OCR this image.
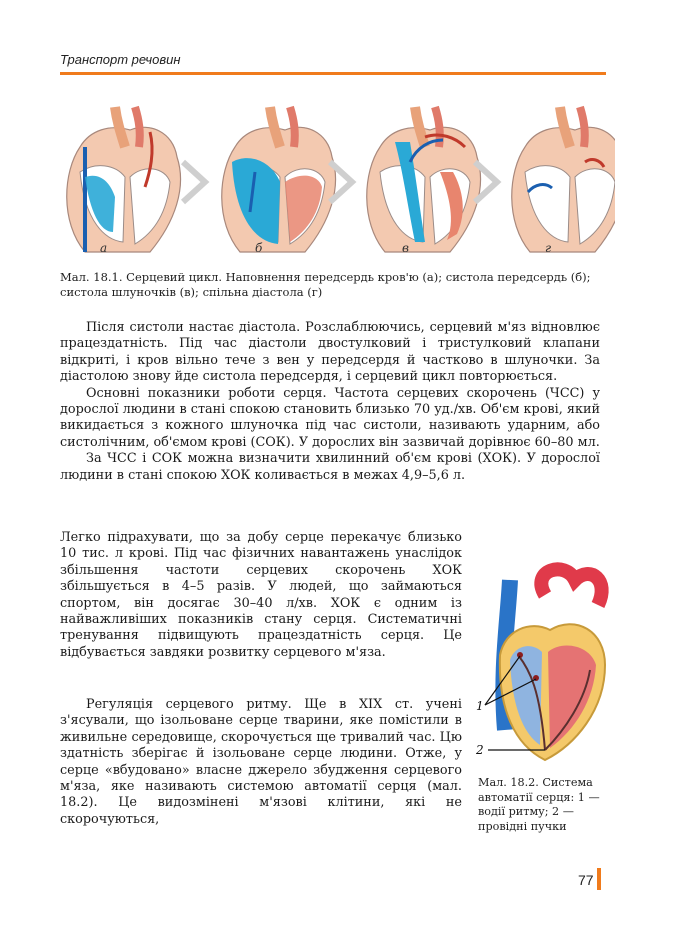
Транспорт речовин
а	б	в	г
Мал. 18.1. Серцевий цикл. Наповнення передсердь кров'ю (а); систола передсердь (б); систола шлуночків (в); спільна діастола (г)

Після систоли настає діастола. Розслаблюючись, серцевий м'яз відновлює працездатність. Під час діастоли двостулковий і тристулковий клапани відкриті, і кров вільно тече з вен у передсердя й частково в шлуночки. За діастолою знову йде систола передсердя, і серцевий цикл повторюється.

Основні показники роботи серця. Частота серцевих скорочень (ЧСС) у дорослої людини в стані спокою становить близько 70 уд./хв. Об'єм крові, який викидається з кожного шлуночка під час систоли, називають ударним, або систолічним, об'ємом крові (СОК). У дорослих він зазвичай дорівнює 60–80 мл.

За ЧСС і СОК можна визначити хвилинний об'єм крові (ХОК). У дорослої людини в стані спокою ХОК коливається в межах 4,9–5,6 л.

Легко підрахувати, що за добу серце перекачує близько 10 тис. л крові. Під час фізичних навантажень унаслідок збільшення частоти серцевих скорочень ХОК збільшується в 4–5 разів. У людей, що займаються спортом, він досягає 30–40 л/хв. ХОК є одним із найважливіших показників стану серця. Систематичні тренування підвищують працездатність серця. Це відбувається завдяки розвитку серцевого м'яза.

Регуляція серцевого ритму. Ще в XIX ст. учені з'ясували, що ізольоване серце тварини, яке помістили в живильне середовище, скорочується ще тривалий час. Цю здатність зберігає й ізольоване серце людини. Отже, у серце «вбудовано» власне джерело збудження серцевого м'яза, яке називають системою автоматії серця (мал. 18.2). Це видозмінені м'язові клітини, які не скорочуються,

1
2
Мал. 18.2. Система автоматії серця: 1 — водії ритму; 2 — провідні пучки
77
